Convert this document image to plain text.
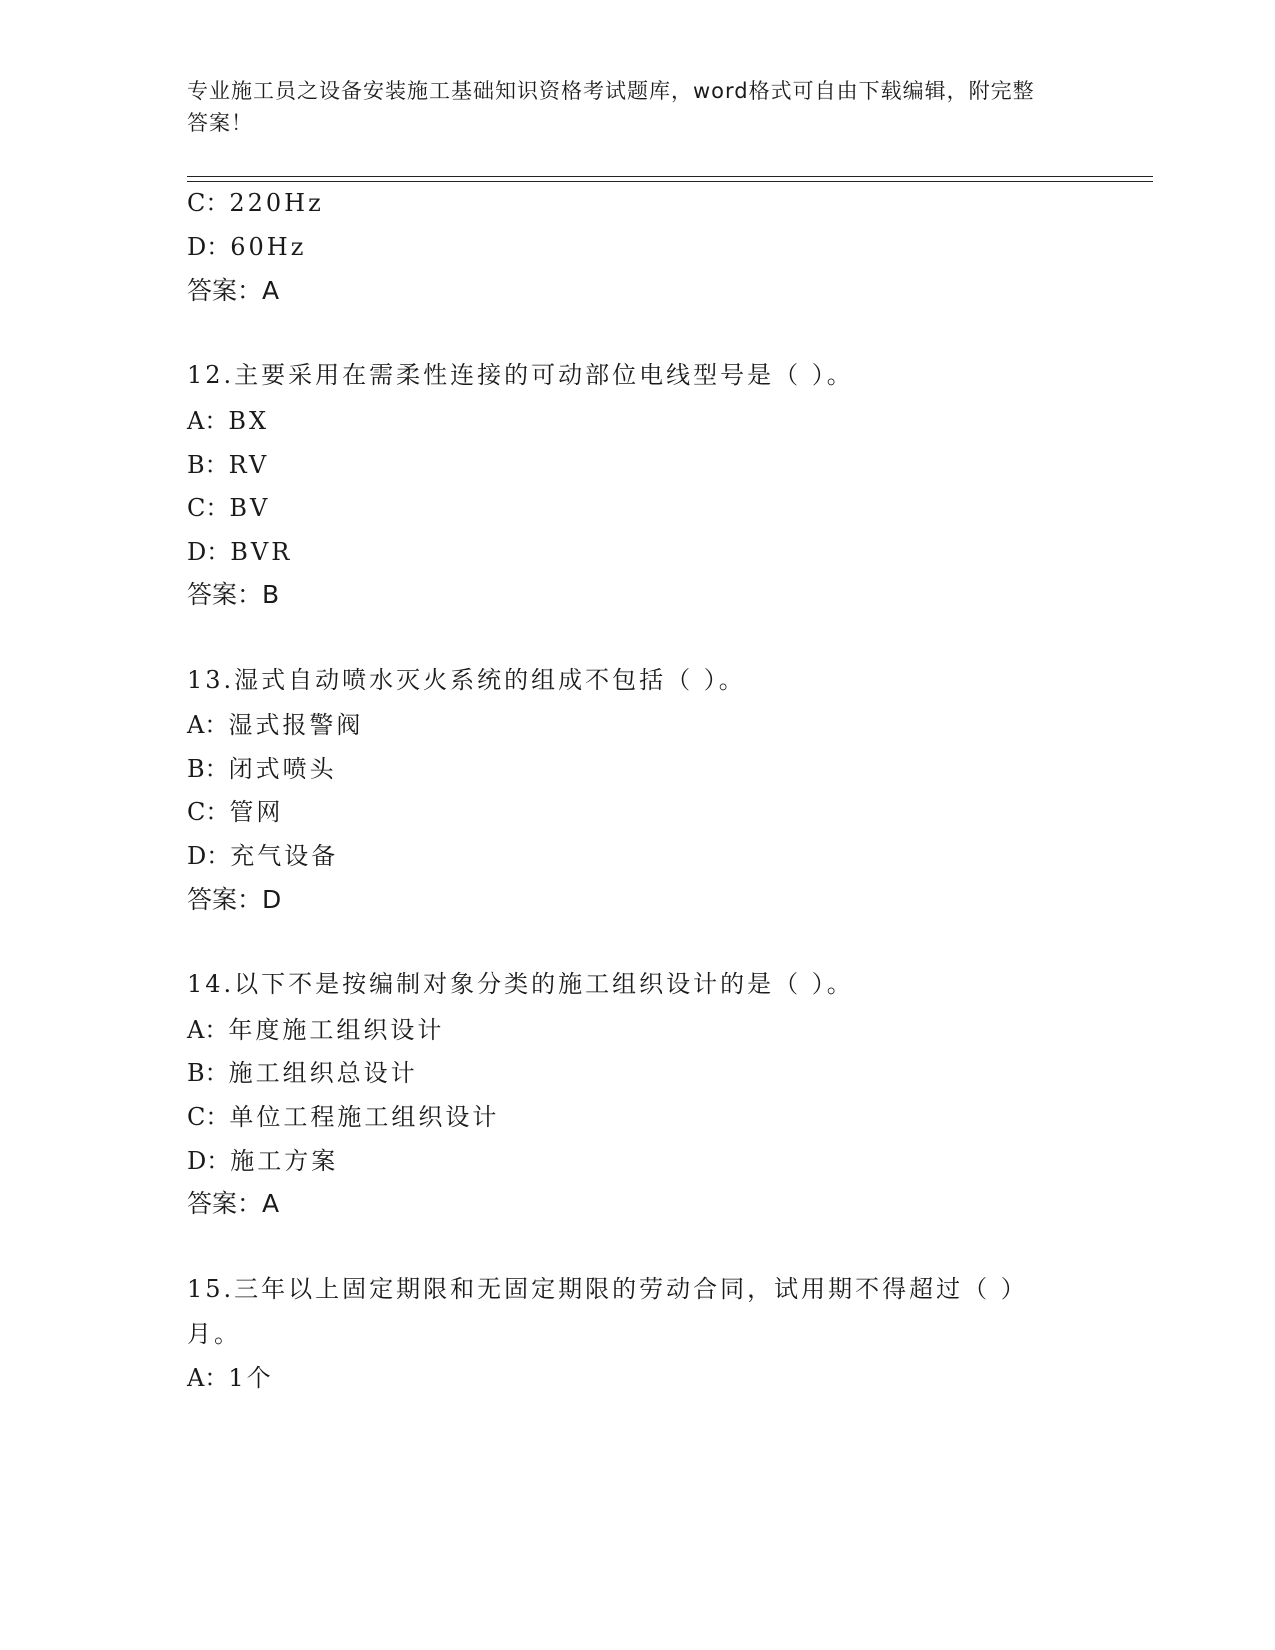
专业施工员之设备安装施工基础知识资格考试题库，word格式可自由下载编辑，附完整答案！
C：220Hz
D：60Hz
答案：A
12.主要采用在需柔性连接的可动部位电线型号是（ ）。
A：BX
B：RV
C：BV
D：BVR
答案：B
13.湿式自动喷水灭火系统的组成不包括（ ）。
A：湿式报警阀
B：闭式喷头
C：管网
D：充气设备
答案：D
14.以下不是按编制对象分类的施工组织设计的是（ ）。
A：年度施工组织设计
B：施工组织总设计
C：单位工程施工组织设计
D：施工方案
答案：A
15.三年以上固定期限和无固定期限的劳动合同，试用期不得超过（ ）月。
A：1个
